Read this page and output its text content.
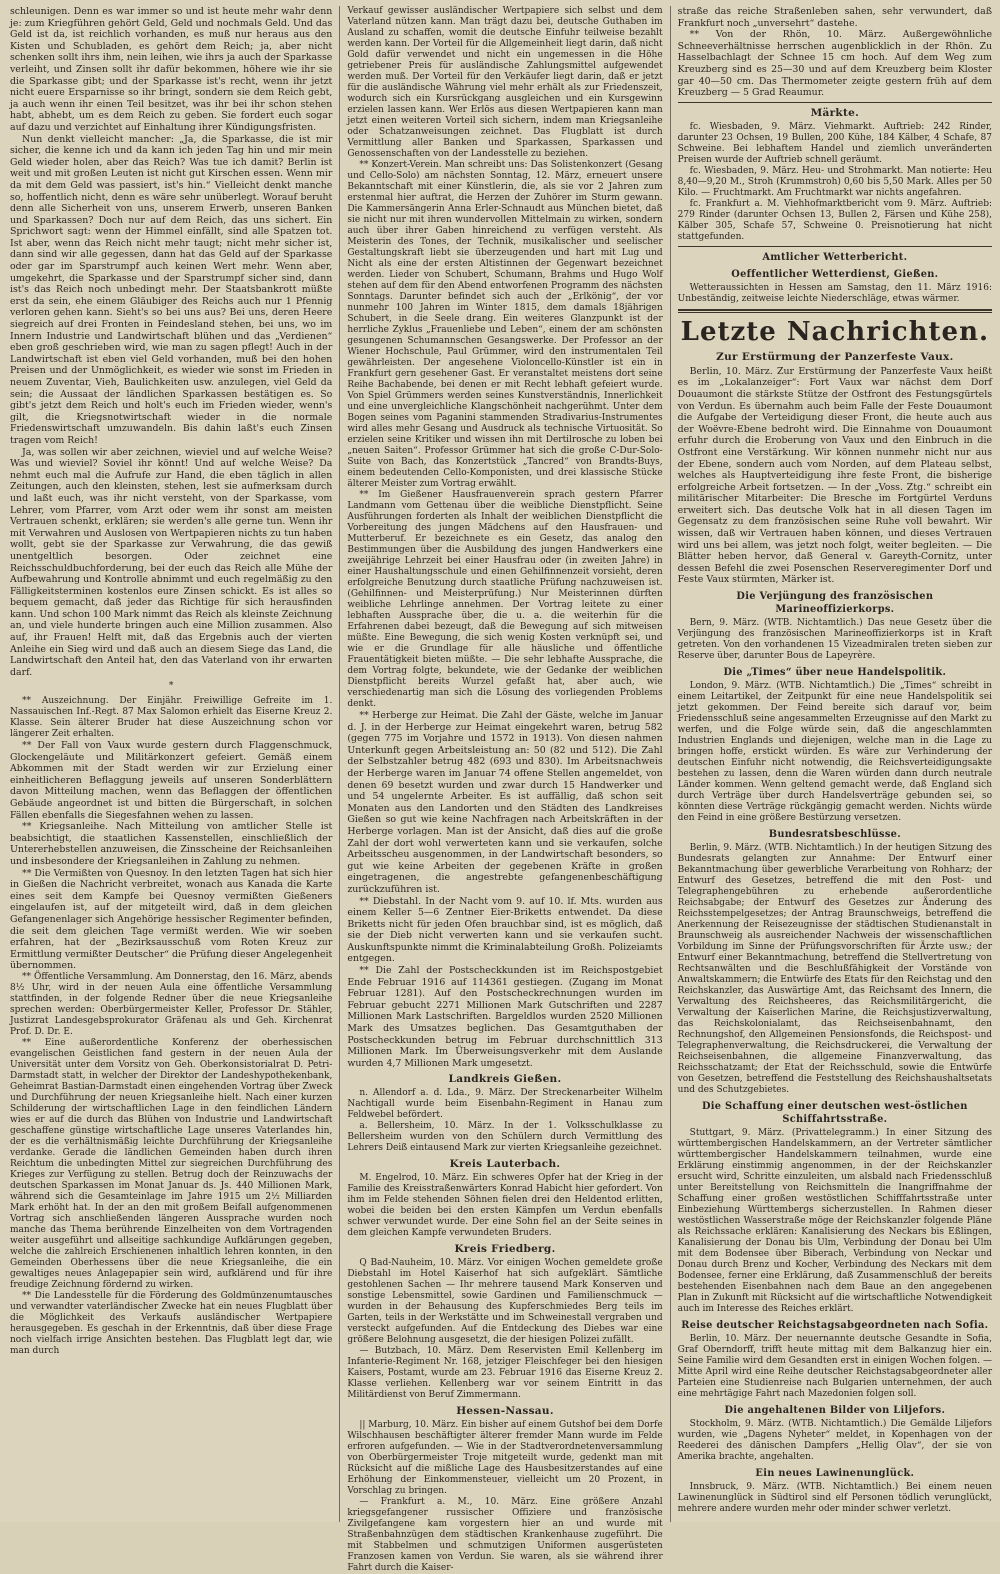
schleunigen. Denn es war immer so und ist heute mehr wahr denn je: zum Kriegführen gehört Geld, Geld und nochmals Geld. Und das Geld ist da, ist reichlich vorhanden, es muß nur heraus aus den Kisten und Schubladen, es gehört dem Reich; ja, aber nicht schenken sollt ihrs ihm, nein leihen, wie ihrs ja auch der Sparkasse verleiht, und Zinsen sollt ihr dafür bekommen, höhere wie ihr sie die Sparkasse gibt; und der Sparkasse ist's recht, wenn ihr jetzt nicht euere Ersparnisse so ihr bringt, sondern sie dem Reich gebt, ja auch wenn ihr einen Teil besitzet, was ihr bei ihr schon stehen habt, abhebt, um es dem Reich zu geben. Sie fordert euch sogar auf dazu und verzichtet auf Einhaltung ihrer Kündigungsfristen.

Nun denkt vielleicht mancher: „Ja, die Sparkasse, die ist mir sicher, die kenne ich und da kann ich jeden Tag hin und mir mein Geld wieder holen, aber das Reich? Was tue ich damit? Berlin ist weit und mit großen Leuten ist nicht gut Kirschen essen. Wenn mir da mit dem Geld was passiert, ist's hin.“ Vielleicht denkt manche so, hoffentlich nicht, denn es wäre sehr unüberlegt. Worauf beruht denn alle Sicherheit von uns, unserem Erwerb, unseren Banken und Sparkassen? Doch nur auf dem Reich, das uns sichert. Ein Sprichwort sagt: wenn der Himmel einfällt, sind alle Spatzen tot. Ist aber, wenn das Reich nicht mehr taugt; nicht mehr sicher ist, dann sind wir alle gegessen, dann hat das Geld auf der Sparkasse oder gar im Sparstrumpf auch keinen Wert mehr. Wenn aber, umgekehrt, die Sparkasse und der Sparstrumpf sicher sind, dann ist's das Reich noch unbedingt mehr. Der Staatsbankrott müßte erst da sein, ehe einem Gläubiger des Reichs auch nur 1 Pfennig verloren gehen kann. Sieht's so bei uns aus? Bei uns, deren Heere siegreich auf drei Fronten in Feindesland stehen, bei uns, wo im Innern Industrie und Landwirtschaft blühen und das „Verdienen“ eben groß geschrieben wird, wie man zu sagen pflegt! Auch in der Landwirtschaft ist eben viel Geld vorhanden, muß bei den hohen Preisen und der Unmöglichkeit, es wieder wie sonst im Frieden in neuem Zuventar, Vieh, Baulichkeiten usw. anzulegen, viel Geld da sein; die Aussaat der ländlichen Sparkassen bestätigen es. So gibt's jetzt dem Reich und holt's euch im Frieden wieder, wenn's gilt, die Kriegsnotwirtschaft wieder in die normale Friedenswirtschaft umzuwandeln. Bis dahin laßt's euch Zinsen tragen vom Reich!

Ja, was sollen wir aber zeichnen, wieviel und auf welche Weise? Was und wieviel? Soviel ihr könnt! Und auf welche Weise? Da nehmt euch mal die Aufrufe zur Hand, die eben täglich in allen Zeitungen, auch den kleinsten, stehen, lest sie aufmerksam durch und laßt euch, was ihr nicht versteht, von der Sparkasse, vom Lehrer, vom Pfarrer, vom Arzt oder wem ihr sonst am meisten Vertrauen schenkt, erklären; sie werden's alle gerne tun. Wenn ihr mit Verwahren und Auslosen von Wertpapieren nichts zu tun haben wollt, gebt sie der Sparkasse zur Verwahrung, die das gewiß unentgeltlich besorgen. Oder zeichnet eine Reichsschuldbuchforderung, bei der euch das Reich alle Mühe der Aufbewahrung und Kontrolle abnimmt und euch regelmäßig zu den Fälligkeitsterminen kostenlos eure Zinsen schickt. Es ist alles so bequem gemacht, daß jeder das Richtige für sich herausfinden kann. Und schon 100 Mark nimmt das Reich als kleinste Zeichnung an, und viele hunderte bringen auch eine Million zusammen. Also auf, ihr Frauen! Helft mit, daß das Ergebnis auch der vierten Anleihe ein Sieg wird und daß auch an diesem Siege das Land, die Landwirtschaft den Anteil hat, den das Vaterland von ihr erwarten darf.

*

** Auszeichnung. Der Einjähr. Freiwillige Gefreite im 1. Nassauischen Inf.-Regt. 87 Max Salomon erhielt das Eiserne Kreuz 2. Klasse. Sein älterer Bruder hat diese Auszeichnung schon vor längerer Zeit erhalten.

** Der Fall von Vaux wurde gestern durch Flaggenschmuck, Glockengeläute und Militärkonzert gefeiert. Gemäß einem Abkommen mit der Stadt werden wir zur Erzielung einer einheitlicheren Beflaggung jeweils auf unseren Sonderblättern davon Mitteilung machen, wenn das Beflaggen der öffentlichen Gebäude angeordnet ist und bitten die Bürgerschaft, in solchen Fällen ebenfalls die Siegesfahnen wehen zu lassen.

** Kriegsanleihe. Nach Mitteilung von amtlicher Stelle ist beabsichtigt, die staatlichen Kassenstellen, einschließlich der Untererhebstellen anzuweisen, die Zinsscheine der Reichsanleihen und insbesondere der Kriegsanleihen in Zahlung zu nehmen.

** Die Vermißten von Quesnoy. In den letzten Tagen hat sich hier in Gießen die Nachricht verbreitet, wonach aus Kanada die Karte eines seit dem Kampfe bei Quesnoy vermißten Gießeners eingelaufen ist, auf der mitgeteilt wird, daß in dem gleichen Gefangenenlager sich Angehörige hessischer Regimenter befinden, die seit dem gleichen Tage vermißt werden. Wie wir soeben erfahren, hat der „Bezirksausschuß vom Roten Kreuz zur Ermittlung vermißter Deutscher“ die Prüfung dieser Angelegenheit übernommen.

** Öffentliche Versammlung. Am Donnerstag, den 16. März, abends 8½ Uhr, wird in der neuen Aula eine öffentliche Versammlung stattfinden, in der folgende Redner über die neue Kriegsanleihe sprechen werden: Oberbürgermeister Keller, Professor Dr. Stähler, Justizrat Landesgebsprokurator Gräfenau als und Geh. Kirchenrat Prof. D. Dr. E.

** Eine außerordentliche Konferenz der oberhessischen evangelischen Geistlichen fand gestern in der neuen Aula der Universität unter dem Vorsitz von Geh. Oberkonsistorialrat D. Petri-Darmstadt statt, in welcher der Direktor der Landeshypothekenbank, Geheimrat Bastian-Darmstadt einen eingehenden Vortrag über Zweck und Durchführung der neuen Kriegsanleihe hielt. Nach einer kurzen Schilderung der wirtschaftlichen Lage in den feindlichen Ländern wies er auf die durch das Blühen von Industrie und Landwirtschaft geschaffene günstige wirtschaftliche Lage unseres Vaterlandes hin, der es die verhältnismäßig leichte Durchführung der Kriegsanleihe verdanke. Gerade die ländlichen Gemeinden haben durch ihren Reichtum die unbedingten Mittel zur siegreichen Durchführung des Krieges zur Verfügung zu stellen. Betrug doch der Reinzuwachs der deutschen Sparkassen im Monat Januar ds. Js. 440 Millionen Mark, während sich die Gesamteinlage im Jahre 1915 um 2½ Milliarden Mark erhöht hat. In der an den mit großem Beifall aufgenommenen Vortrag sich anschließenden längeren Aussprache wurden noch manche das Thema berührende Einzelheiten von dem Vortragenden weiter ausgeführt und allseitige sachkundige Aufklärungen gegeben, welche die zahlreich Erschienenen inhaltlich lehren konnten, in den Gemeinden Oberhessens über die neue Kriegsanleihe, die ein gewaltiges neues Anlagepapier sein wird, aufklärend und für ihre freudige Zeichnung fördernd zu wirken.

** Die Landesstelle für die Förderung des Goldmünzenumtausches und verwandter vaterländischer Zwecke hat ein neues Flugblatt über die Möglichkeit des Verkaufs ausländischer Wertpapiere herausgegeben. Es geschah in der Erkenntnis, daß über diese Frage noch vielfach irrige Ansichten bestehen. Das Flugblatt legt dar, wie man durch

Verkauf gewisser ausländischer Wertpapiere sich selbst und dem Vaterland nützen kann. Man trägt dazu bei, deutsche Guthaben im Ausland zu schaffen, womit die deutsche Einfuhr teilweise bezahlt werden kann. Der Vorteil für die Allgemeinheit liegt darin, daß nicht Gold dafür verwendet und nicht ein ungemessen in die Höhe getriebener Preis für ausländische Zahlungsmittel aufgewendet werden muß. Der Vorteil für den Verkäufer liegt darin, daß er jetzt für die ausländische Währung viel mehr erhält als zur Friedenszeit, wodurch sich ein Kursrückgang ausgleichen und ein Kursgewinn erzielen lassen kann. Wer Erlös aus diesen Wertpapieren kann man jetzt einen weiteren Vorteil sich sichern, indem man Kriegsanleihe oder Schatzanweisungen zeichnet. Das Flugblatt ist durch Vermittlung aller Banken und Sparkassen, Sparkassen und Genossenschaften von der Landesstelle zu beziehen.

** Konzert-Verein. Man schreibt uns: Das Solistenkonzert (Gesang und Cello-Solo) am nächsten Sonntag, 12. März, erneuert unsere Bekanntschaft mit einer Künstlerin, die, als sie vor 2 Jahren zum erstenmal hier auftrat, die Herzen der Zuhörer im Sturm gewann. Die Kammersängerin Anna Erler-Schnaudt aus München bietet, daß sie nicht nur mit ihren wundervollen Mittelmain zu wirken, sondern auch über ihrer Gaben hinreichend zu verfügen versteht. Als Meisterin des Tones, der Technik, musikalischer und seelischer Gestaltungskraft liebt sie überzeugenden und hart mit Lug und Nicht als eine der ersten Altistinnen der Gegenwart bezeichnet werden. Lieder von Schubert, Schumann, Brahms und Hugo Wolf stehen auf dem für den Abend entworfenen Programm des nächsten Sonntags. Darunter befindet sich auch der „Erlkönig“, der vor nunmehr 100 Jahren im Winter 1815, dem damals 18jährigen Schubert, in die Seele drang. Ein weiteres Glanzpunkt ist der herrliche Zyklus „Frauenliebe und Leben“, einem der am schönsten gesungenen Schumannschen Gesangswerke. Der Professor an der Wiener Hochschule, Paul Grümmer, wird den instrumentalen Teil gewährleisten. Der angesehene Violoncello-Künstler ist ein in Frankfurt gern gesehener Gast. Er veranstaltet meistens dort seine Reihe Bachabende, bei denen er mit Recht lebhaft gefeiert wurde. Von Spiel Grümmers werden seines Kunstverständnis, Innerlichkeit und eine unvergleichliche Klangschönheit nachgerühmt. Unter dem Bogen seines vom Paganini stammenden Stradivarius-Instrumentes wird alles mehr Gesang und Ausdruck als technische Virtuosität. So erzielen seine Kritiker und wissen ihn mit Dertilrosche zu loben bei „neuen Saiten“. Professor Grümmer hat sich die große C-Dur-Solo-Suite von Bach, das Konzertstück „Tancred“ von Brandts-Buys, einem bedeutenden Cello-Komponisten, und drei klassische Stücke älterer Meister zum Vortrag erwählt.

** Im Gießener Hausfrauenverein sprach gestern Pfarrer Landmann vom Gettenau über die weibliche Dienstpflicht. Seine Ausführungen forderten als Inhalt der weiblichen Dienstpflicht die Vorbereitung des jungen Mädchens auf den Hausfrauen- und Mutterberuf. Er bezeichnete es ein Gesetz, das analog den Bestimmungen über die Ausbildung des jungen Handwerkers eine zweijährige Lehrzeit bei einer Hausfrau oder (in zweiten Jahre) in einer Haushaltungsschule und einen Gehilfinnenzeit vorsieht, deren erfolgreiche Benutzung durch staatliche Prüfung nachzuweisen ist. (Gehilfinnen- und Meisterprüfung.) Nur Meisterinnen dürften weibliche Lehrlinge annehmen. Der Vortrag leitete zu einer lebhaften Aussprache über, die u. a. die weiterhin für die Erfahrenen dabei bezeugt, daß die Bewegung auf sich mitweisen müßte. Eine Bewegung, die sich wenig Kosten verknüpft sei, und wie er die Grundlage für alle häusliche und öffentliche Frauentätigkeit bieten müßte. — Die sehr lebhafte Aussprache, die dem Vortrag folgte, bekundete, wie der Gedanke der weiblichen Dienstpflicht bereits Wurzel gefaßt hat, aber auch, wie verschiedenartig man sich die Lösung des vorliegenden Problems denkt.

** Herberge zur Heimat. Die Zahl der Gäste, welche im Januar d. J. in der Herberge zur Heimat eingekehrt waren, betrug 582 (gegen 775 im Vorjahre und 1572 in 1913). Von diesen nahmen Unterkunft gegen Arbeitsleistung an: 50 (82 und 512). Die Zahl der Selbstzahler betrug 482 (693 und 830). Im Arbeitsnachweis der Herberge waren im Januar 74 offene Stellen angemeldet, von denen 69 besetzt wurden und zwar durch 15 Handwerker und und 54 ungelernte Arbeiter. Es ist auffällig, daß schon seit Monaten aus den Landorten und den Städten des Landkreises Gießen so gut wie keine Nachfragen nach Arbeitskräften in der Herberge vorlagen. Man ist der Ansicht, daß dies auf die große Zahl der dort wohl verwerteten kann und sie verkaufen, solche Arbeitsscheu ausgenommen, in der Landwirtschaft besonders, so gut wie keine Arbeiten der gegebenen Kräfte in großen eingetragenen, die angestrebte gefangenenbeschäftigung zurückzuführen ist.

** Diebstahl. In der Nacht vom 9. auf 10. lf. Mts. wurden aus einem Keller 5—6 Zentner Eier-Briketts entwendet. Da diese Briketts nicht für jeden Ofen brauchbar sind, ist es möglich, daß sie der Dieb nicht verwerten kann und sie verkaufen sucht. Auskunftspunkte nimmt die Kriminalabteilung Großh. Polizeiamts entgegen.

** Die Zahl der Postscheckkunden ist im Reichspostgebiet Ende Februar 1916 auf 114361 gestiegen. (Zugang im Monat Februar 1281). Auf den Postscheckrechnungen wurden im Februar gebucht 2271 Millionen Mark Gutschriften und 2287 Millionen Mark Lastschriften. Bargeldlos wurden 2520 Millionen Mark des Umsatzes beglichen. Das Gesamtguthaben der Postscheckkunden betrug im Februar durchschnittlich 313 Millionen Mark. Im Überweisungsverkehr mit dem Auslande wurden 4,7 Millionen Mark umgesetzt.

Landkreis Gießen.

n. Allendorf a. d. Lda., 9. März. Der Streckenarbeiter Wilhelm Nachtigall wurde beim Eisenbahn-Regiment in Hanau zum Feldwebel befördert.

a. Bellersheim, 10. März. In der 1. Volksschulklasse zu Bellersheim wurden von den Schülern durch Vermittlung des Lehrers Deiß eintausend Mark zur vierten Kriegsanleihe gezeichnet.

Kreis Lauterbach.

M. Engelrod, 10. März. Ein schweres Opfer hat der Krieg in der Familie des Kreisstraßenwärters Konrad Habicht hier gefordert. Von ihm im Felde stehenden Söhnen fielen drei den Heldentod erlitten, wobei die beiden bei den ersten Kämpfen um Verdun ebenfalls schwer verwundet wurde. Der eine Sohn fiel an der Seite seines in dem gleichen Kampfe verwundeten Bruders.

Kreis Friedberg.

Q Bad-Nauheim, 10. März. Vor einigen Wochen gemeldete große Diebstahl im Hotel Kaiserhof hat sich aufgeklärt. Sämtliche gestohlenen Sachen — Ihr mehrere tausend Mark Konserven und sonstige Lebensmittel, sowie Gardinen und Familienschmuck — wurden in der Behausung des Kupferschmiedes Berg teils im Garten, teils in der Werkstätte und im Schweinestall vergraben und versteckt aufgefunden. Auf die Entdeckung des Diebes war eine größere Belohnung ausgesetzt, die der hiesigen Polizei zufällt.

— Butzbach, 10. März. Dem Reservisten Emil Kellenberg im Infanterie-Regiment Nr. 168, jetziger Fleischfeger bei den hiesigen Kaisers, Postamt, wurde am 23. Februar 1916 das Eiserne Kreuz 2. Klasse verliehen. Kellenberg war vor seinem Eintritt in das Militärdienst von Beruf Zimmermann.

Hessen-Nassau.

|| Marburg, 10. März. Ein bisher auf einem Gutshof bei dem Dorfe Wilschhausen beschäftigter älterer fremder Mann wurde im Felde erfroren aufgefunden. — Wie in der Stadtverordnetenversammlung von Oberbürgermeister Troje mitgeteilt wurde, gedenkt man mit Rücksicht auf die mißliche Lage des Hausbesitzerstandes auf eine Erhöhung der Einkommensteuer, vielleicht um 20 Prozent, in Vorschlag zu bringen.

— Frankfurt a. M., 10. März. Eine größere Anzahl kriegsgefangener russischer Offiziere und französische Zivilgefangene kam vorgestern hier an und wurde mit Straßenbahnzügen dem städtischen Krankenhause zugeführt. Die mit Stabbelmen und schmutzigen Uniformen ausgerüsteten Franzosen kamen von Verdun. Sie waren, als sie während ihrer Fahrt durch die Kaiser-

straße das reiche Straßenleben sahen, sehr verwundert, daß Frankfurt noch „unversehrt“ dastehe.

** Von der Rhön, 10. März. Außergewöhnliche Schneeverhältnisse herrschen augenblicklich in der Rhön. Zu Hasselbachlagt der Schnee 15 cm hoch. Auf dem Weg zum Kreuzberg sind es 25—30 und auf dem Kreuzberg beim Kloster gar 40—50 cm. Das Thermometer zeigte gestern früh auf dem Kreuzberg — 5 Grad Reaumur.

Märkte.

fc. Wiesbaden, 9. März. Viehmarkt. Auftrieb: 242 Rinder, darunter 23 Ochsen, 19 Bullen, 200 Kühe, 184 Kälber, 4 Schafe, 87 Schweine. Bei lebhaftem Handel und ziemlich unveränderten Preisen wurde der Auftrieb schnell geräumt.

fc. Wiesbaden, 9. März. Heu- und Strohmarkt. Man notierte: Heu 8,40—9,20 M., Stroh (Krummstroh) 0,60 bis 5,50 Mark. Alles per 50 Kilo. — Fruchtmarkt. Am Fruchtmarkt war nichts angefahren.

fc. Frankfurt a. M. Viehhofmarktbericht vom 9. März. Auftrieb: 279 Rinder (darunter Ochsen 13, Bullen 2, Färsen und Kühe 258), Kälber 305, Schafe 57, Schweine 0. Preisnotierung hat nicht stattgefunden.

Amtlicher Wetterbericht.
Oeffentlicher Wetterdienst, Gießen.

Wetteraussichten in Hessen am Samstag, den 11. März 1916: Unbeständig, zeitweise leichte Niederschläge, etwas wärmer.

Letzte Nachrichten.
Zur Erstürmung der Panzerfeste Vaux.

Berlin, 10. März. Zur Erstürmung der Panzerfeste Vaux heißt es im „Lokalanzeiger“: Fort Vaux war nächst dem Dorf Douaumont die stärkste Stütze der Ostfront des Festungsgürtels von Verdun. Es übernahm auch beim Falle der Feste Douaumont die Aufgabe der Verteidigung dieser Front, die heute auch aus der Woëvre-Ebene bedroht wird. Die Einnahme von Douaumont erfuhr durch die Eroberung von Vaux und den Einbruch in die Ostfront eine Verstärkung. Wir können nunmehr nicht nur aus der Ebene, sondern auch vom Norden, auf dem Plateau selbst, welches als Hauptverteidigung ihre feste Front, die bisherige erfolgreiche Arbeit fortsetzen. — In der „Voss. Ztg.“ schreibt ein militärischer Mitarbeiter: Die Bresche im Fortgürtel Verduns erweitert sich. Das deutsche Volk hat in all diesen Tagen im Gegensatz zu dem französischen seine Ruhe voll bewahrt. Wir wissen, daß wir Vertrauen haben können, und dieses Vertrauen wird uns bei allem, was jetzt noch folgt, weiter begleiten. — Die Blätter heben hervor, daß General v. Gareyth-Cornitz, unter dessen Befehl die zwei Posenschen Reserveregimenter Dorf und Feste Vaux stürmten, Märker ist.

Die Verjüngung des französischen Marineoffizierkorps.

Bern, 9. März. (WTB. Nichtamtlich.) Das neue Gesetz über die Verjüngung des französischen Marineoffizierkorps ist in Kraft getreten. Von den vorhandenen 15 Vizeadmiralen treten sieben zur Reserve über, darunter Bous de Lapeyrère.

Die „Times“ über neue Handelspolitik.

London, 9. März. (WTB. Nichtamtlich.) Die „Times“ schreibt in einem Leitartikel, der Zeitpunkt für eine neue Handelspolitik sei jetzt gekommen. Der Feind bereite sich darauf vor, beim Friedensschluß seine angesammelten Erzeugnisse auf den Markt zu werfen, und die Folge würde sein, daß die angeschlammten Industrien Englands und diejenigen, welche man in die Lage zu bringen hoffe, erstickt würden. Es wäre zur Verhinderung der deutschen Einfuhr nicht notwendig, die Reichsverteidigungsakte bestehen zu lassen, denn die Waren würden dann durch neutrale Länder kommen. Wenn geltend gemacht werde, daß England sich durch Verträge über durch Handelsverträge gebunden sei, so könnten diese Verträge rückgängig gemacht werden. Nichts würde den Feind in eine größere Bestürzung versetzen.

Bundesratsbeschlüsse.

Berlin, 9. März. (WTB. Nichtamtlich.) In der heutigen Sitzung des Bundesrats gelangten zur Annahme: Der Entwurf einer Bekanntmachung über gewerbliche Verarbeitung von Rohharz; der Entwurf des Gesetzes, betreffend die mit den Post- und Telegraphengebühren zu erhebende außerordentliche Reichsabgabe; der Entwurf des Gesetzes zur Änderung des Reichsstempelgesetzes; der Antrag Braunschweigs, betreffend die Anerkennung der Reisezeugnisse der städtischen Studienanstalt in Braunschweig als ausreichender Nachweis der wissenschaftlichen Vorbildung im Sinne der Prüfungsvorschriften für Ärzte usw.; der Entwurf einer Bekanntmachung, betreffend die Stellvertretung von Rechtsanwälten und die Beschlußfähigkeit der Vorstände von Anwaltskammern; die Entwürfe des Etats für den Reichstag und den Reichskanzler, das Auswärtige Amt, das Reichsamt des Innern, die Verwaltung des Reichsheeres, das Reichsmilitärgericht, die Verwaltung der Kaiserlichen Marine, die Reichsjustizverwaltung, das Reichskolonialamt, das Reichseisenbahnamt, den Rechnungshof, den Allgemeinen Pensionsfonds, die Reichspost- und Telegraphenverwaltung, die Reichsdruckerei, die Verwaltung der Reichseisenbahnen, die allgemeine Finanzverwaltung, das Reichsschatzamt; der Etat der Reichsschuld, sowie die Entwürfe von Gesetzen, betreffend die Feststellung des Reichshaushaltsetats und des Schutzgebietes.

Die Schaffung einer deutschen west-östlichen Schiffahrtsstraße.

Stuttgart, 9. März. (Privattelegramm.) In einer Sitzung des württembergischen Handelskammern, an der Vertreter sämtlicher württembergischer Handelskammern teilnahmen, wurde eine Erklärung einstimmig angenommen, in der der Reichskanzler ersucht wird, Schritte einzuleiten, um alsbald nach Friedensschluß unter Bereitstellung von Reichsmitteln die Inangriffnahme der Schaffung einer großen westöstlichen Schifffahrtsstraße unter Einbeziehung Württembergs sicherzustellen. In Rahmen dieser westöstlichen Wasserstraße möge der Reichskanzler folgende Pläne als Reichssache erklären: Kanalisierung des Neckars bis Eßlingen, Kanalisierung der Donau bis Ulm, Verbindung der Donau bei Ulm mit dem Bodensee über Biberach, Verbindung von Neckar und Donau durch Brenz und Kocher, Verbindung des Neckars mit dem Bodensee, ferner eine Erklärung, daß Zusammenschluß der bereits bestehenden Eisenbahnen nach dem Baue an den angegebenen Plan in Zukunft mit Rücksicht auf die wirtschaftliche Notwendigkeit auch im Interesse des Reiches erklärt.

Reise deutscher Reichstagsabgeordneten nach Sofia.

Berlin, 10. März. Der neuernannte deutsche Gesandte in Sofia, Graf Oberndorff, trifft heute mittag mit dem Balkanzug hier ein. Seine Familie wird dem Gesandten erst in einigen Wochen folgen. — Mitte April wird eine Reihe deutscher Reichstagsabgeordneter aller Parteien eine Studienreise nach Bulgarien unternehmen, der auch eine mehrtägige Fahrt nach Mazedonien folgen soll.

Die angehaltenen Bilder von Liljefors.

Stockholm, 9. März. (WTB. Nichtamtlich.) Die Gemälde Liljefors wurden, wie „Dagens Nyheter“ meldet, in Kopenhagen von der Reederei des dänischen Dampfers „Hellig Olav“, der sie von Amerika brachte, angehalten.

Ein neues Lawinenunglück.

Innsbruck, 9. März. (WTB. Nichtamtlich.) Bei einem neuen Lawinenunglück in Südtirol sind elf Personen tödlich verunglückt, mehrere andere wurden mehr oder minder schwer verletzt.
